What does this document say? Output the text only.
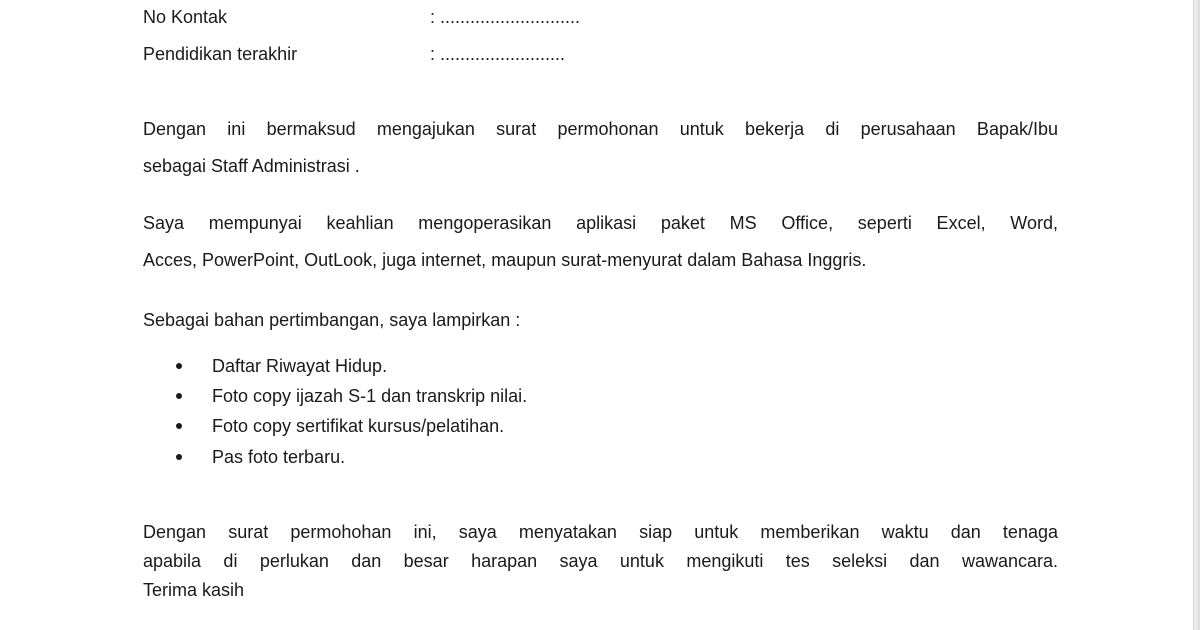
No Kontak	: ............................
Pendidikan terakhir	: .........................
Dengan ini bermaksud mengajukan surat permohonan untuk bekerja di perusahaan Bapak/Ibu
sebagai Staff Administrasi .
Saya mempunyai keahlian mengoperasikan aplikasi paket MS Office, seperti Excel, Word,
Acces, PowerPoint, OutLook, juga internet, maupun surat-menyurat dalam Bahasa Inggris.
Sebagai bahan pertimbangan, saya lampirkan :
Daftar Riwayat Hidup.
Foto copy ijazah S-1 dan transkrip nilai.
Foto copy sertifikat kursus/pelatihan.
Pas foto terbaru.
Dengan surat permohohan ini, saya menyatakan siap untuk memberikan waktu dan tenaga
apabila di perlukan dan besar harapan saya untuk mengikuti tes seleksi dan wawancara.
Terima kasih
